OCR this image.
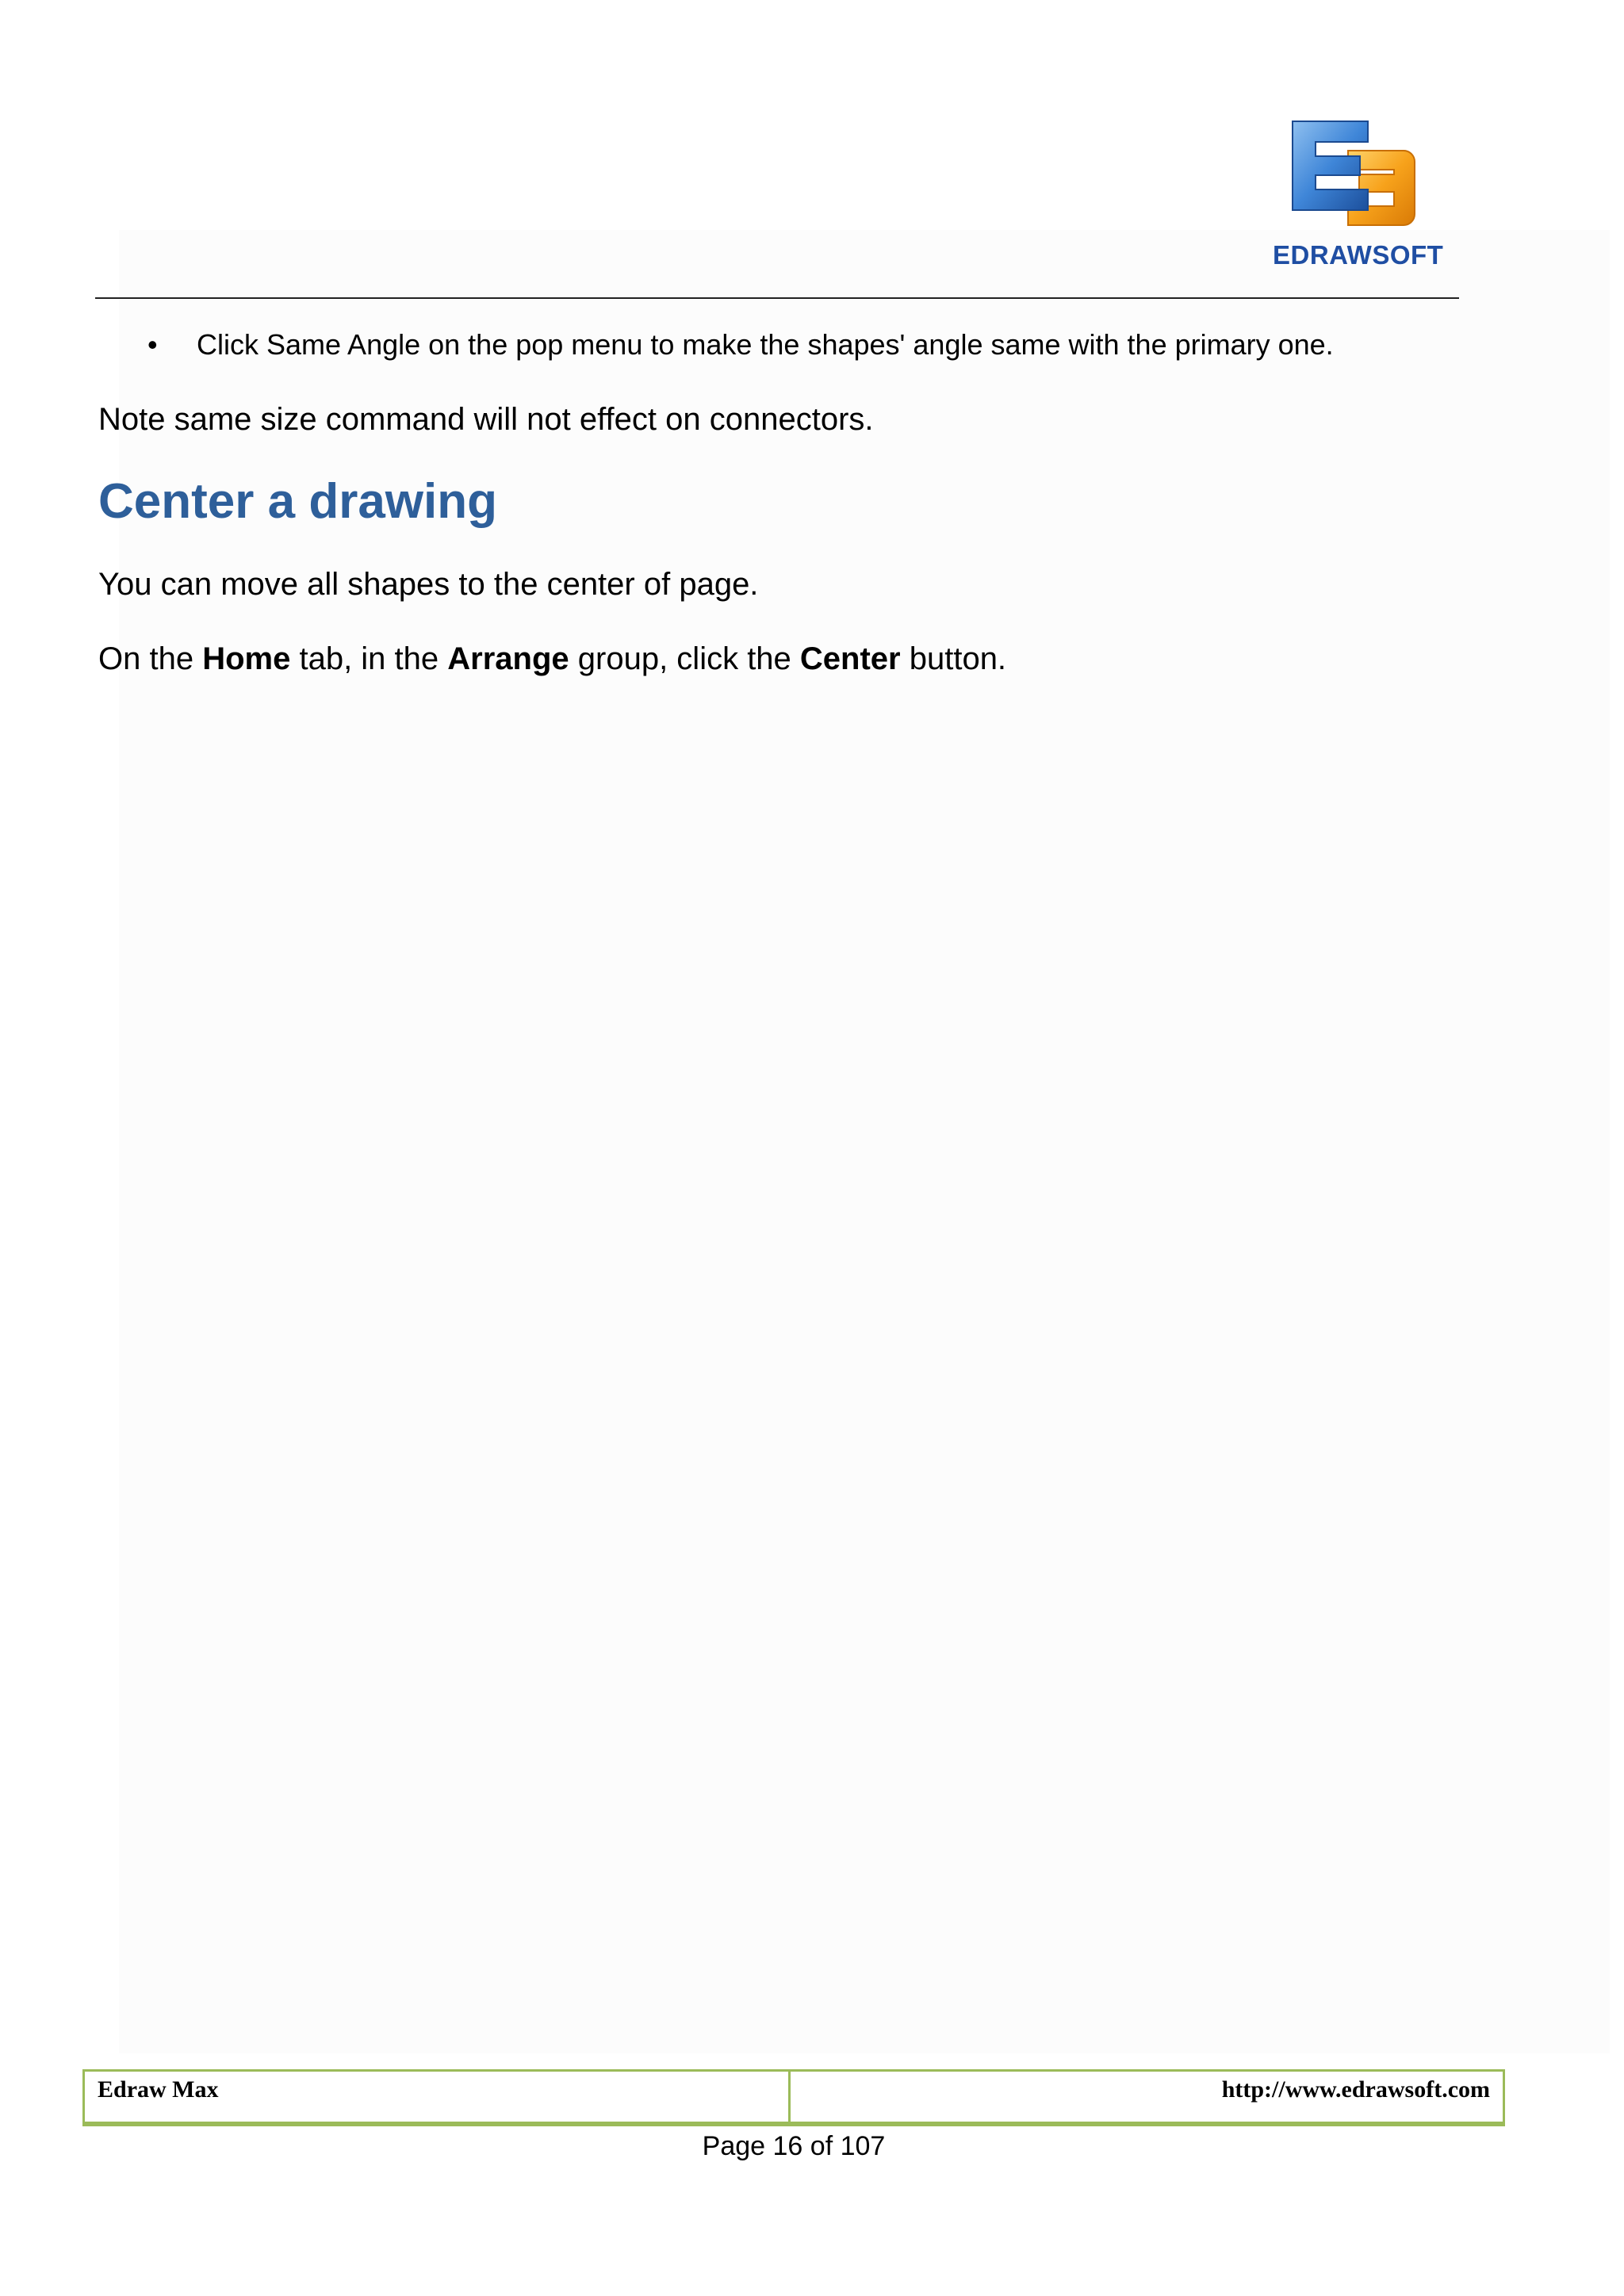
EDRAWSOFT

• Click Same Angle on the pop menu to make the shapes' angle same with the primary one.

Note same size command will not effect on connectors.

Center a drawing

You can move all shapes to the center of page.

On the Home tab, in the Arrange group, click the Center button.

Edraw Max	http://www.edrawsoft.com
Page 16 of 107
